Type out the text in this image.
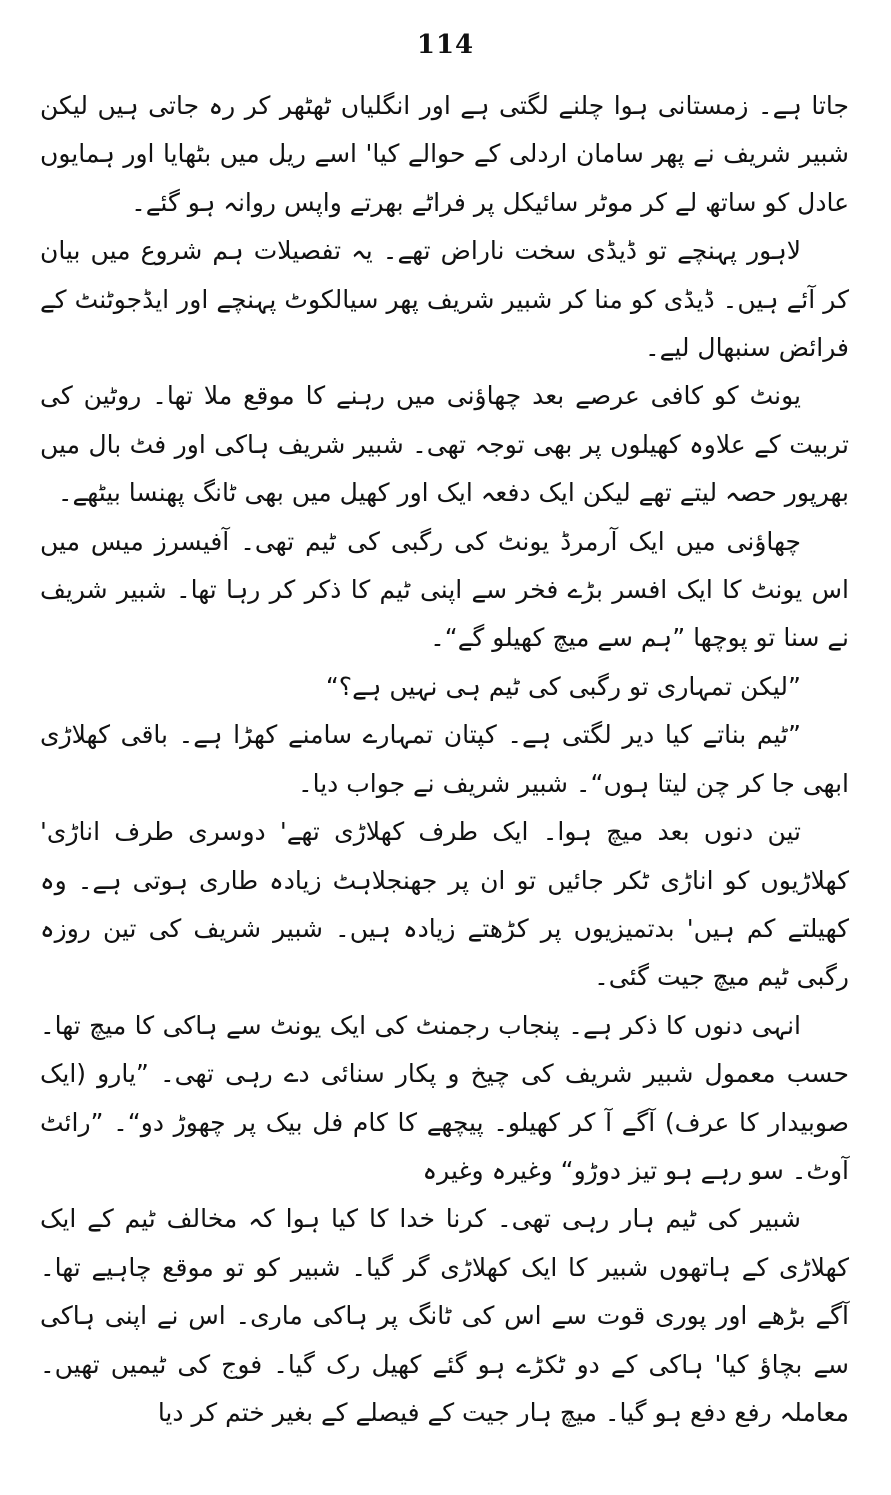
114

جاتا ہے۔ زمستانی ہوا چلنے لگتی ہے اور انگلیاں ٹھٹھر کر رہ جاتی ہیں لیکن شبیر شریف نے پھر سامان اردلی کے حوالے کیا' اسے ریل میں بٹھایا اور ہمایوں عادل کو ساتھ لے کر موٹر سائیکل پر فراٹے بھرتے واپس روانہ ہو گئے۔

لاہور پہنچے تو ڈیڈی سخت ناراض تھے۔ یہ تفصیلات ہم شروع میں بیان کر آئے ہیں۔ ڈیڈی کو منا کر شبیر شریف پھر سیالکوٹ پہنچے اور ایڈجوٹنٹ کے فرائض سنبھال لیے۔

یونٹ کو کافی عرصے بعد چھاؤنی میں رہنے کا موقع ملا تھا۔ روٹین کی تربیت کے علاوہ کھیلوں پر بھی توجہ تھی۔ شبیر شریف ہاکی اور فٹ بال میں بھرپور حصہ لیتے تھے لیکن ایک دفعہ ایک اور کھیل میں بھی ٹانگ پھنسا بیٹھے۔

چھاؤنی میں ایک آرمرڈ یونٹ کی رگبی کی ٹیم تھی۔ آفیسرز میس میں اس یونٹ کا ایک افسر بڑے فخر سے اپنی ٹیم کا ذکر کر رہا تھا۔ شبیر شریف نے سنا تو پوچھا ”ہم سے میچ کھیلو گے“۔

”لیکن تمہاری تو رگبی کی ٹیم ہی نہیں ہے؟“

”ٹیم بناتے کیا دیر لگتی ہے۔ کپتان تمہارے سامنے کھڑا ہے۔ باقی کھلاڑی ابھی جا کر چن لیتا ہوں“۔ شبیر شریف نے جواب دیا۔

تین دنوں بعد میچ ہوا۔ ایک طرف کھلاڑی تھے' دوسری طرف اناڑی' کھلاڑیوں کو اناڑی ٹکر جائیں تو ان پر جھنجلاہٹ زیادہ طاری ہوتی ہے۔ وہ کھیلتے کم ہیں' بدتمیزیوں پر کڑھتے زیادہ ہیں۔ شبیر شریف کی تین روزہ رگبی ٹیم میچ جیت گئی۔

انہی دنوں کا ذکر ہے۔ پنجاب رجمنٹ کی ایک یونٹ سے ہاکی کا میچ تھا۔ حسب معمول شبیر شریف کی چیخ و پکار سنائی دے رہی تھی۔ ”یارو (ایک صوبیدار کا عرف) آگے آ کر کھیلو۔ پیچھے کا کام فل بیک پر چھوڑ دو“۔ ”رائٹ آوٹ۔ سو رہے ہو تیز دوڑو“ وغیرہ وغیرہ

شبیر کی ٹیم ہار رہی تھی۔ کرنا خدا کا کیا ہوا کہ مخالف ٹیم کے ایک کھلاڑی کے ہاتھوں شبیر کا ایک کھلاڑی گر گیا۔ شبیر کو تو موقع چاہیے تھا۔ آگے بڑھے اور پوری قوت سے اس کی ٹانگ پر ہاکی ماری۔ اس نے اپنی ہاکی سے بچاؤ کیا' ہاکی کے دو ٹکڑے ہو گئے کھیل رک گیا۔ فوج کی ٹیمیں تھیں۔ معاملہ رفع دفع ہو گیا۔ میچ ہار جیت کے فیصلے کے بغیر ختم کر دیا
